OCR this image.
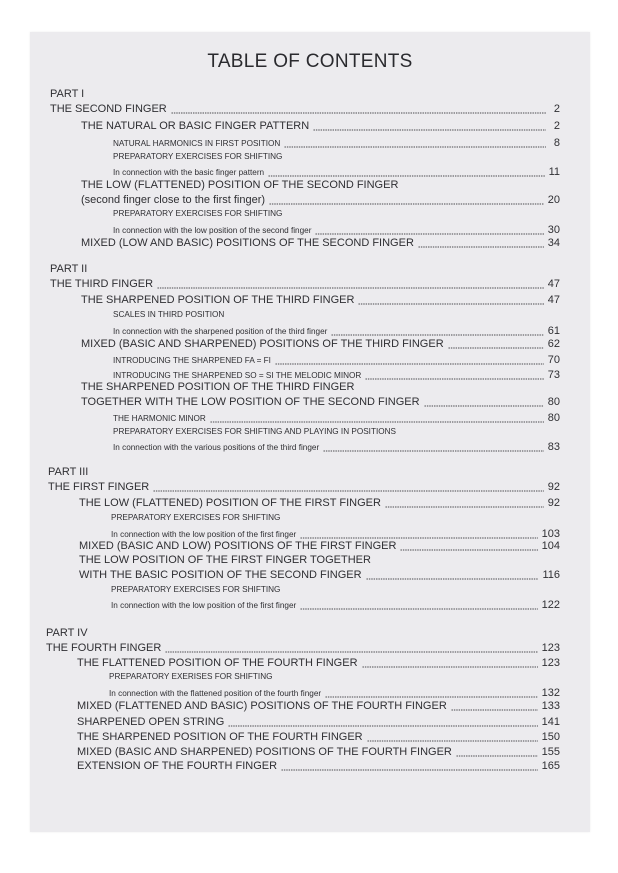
TABLE OF CONTENTS
PART I
THE SECOND FINGER	2
THE NATURAL OR BASIC FINGER PATTERN	2
NATURAL HARMONICS IN FIRST POSITION	8
PREPARATORY EXERCISES FOR SHIFTING
In connection with the basic finger pattern	11
THE LOW (FLATTENED) POSITION OF THE SECOND FINGER
(second finger close to the first finger)	20
PREPARATORY EXERCISES FOR SHIFTING
In connection with the low position of the second finger	30
MIXED (LOW AND BASIC) POSITIONS OF THE SECOND FINGER	34
PART II
THE THIRD FINGER	47
THE SHARPENED POSITION OF THE THIRD FINGER	47
SCALES IN THIRD POSITION
In connection with the sharpened position of the third finger	61
MIXED (BASIC AND SHARPENED) POSITIONS OF THE THIRD FINGER	62
INTRODUCING THE SHARPENED FA = FI	70
INTRODUCING THE SHARPENED SO = SI THE MELODIC MINOR	73
THE SHARPENED POSITION OF THE THIRD FINGER
TOGETHER WITH THE LOW POSITION OF THE SECOND FINGER	80
THE HARMONIC MINOR	80
PREPARATORY EXERCISES FOR SHIFTING AND PLAYING IN POSITIONS
In connection with the various positions of the third finger	83
PART III
THE FIRST FINGER	92
THE LOW (FLATTENED) POSITION OF THE FIRST FINGER	92
PREPARATORY EXERCISES FOR SHIFTING
In connection with the low position of the first finger	103
MIXED (BASIC AND LOW) POSITIONS OF THE FIRST FINGER	104
THE LOW POSITION OF THE FIRST FINGER TOGETHER
WITH THE BASIC POSITION OF THE SECOND FINGER	116
PREPARATORY EXERCISES FOR SHIFTING
In connection with the low position of the first finger	122
PART IV
THE FOURTH FINGER	123
THE FLATTENED POSITION OF THE FOURTH FINGER	123
PREPARATORY EXERISES FOR SHIFTING
In connection with the flattened position of the fourth finger	132
MIXED (FLATTENED AND BASIC) POSITIONS OF THE FOURTH FINGER	133
SHARPENED OPEN STRING	141
THE SHARPENED POSITION OF THE FOURTH FINGER	150
MIXED (BASIC AND SHARPENED) POSITIONS OF THE FOURTH FINGER	155
EXTENSION OF THE FOURTH FINGER	165
